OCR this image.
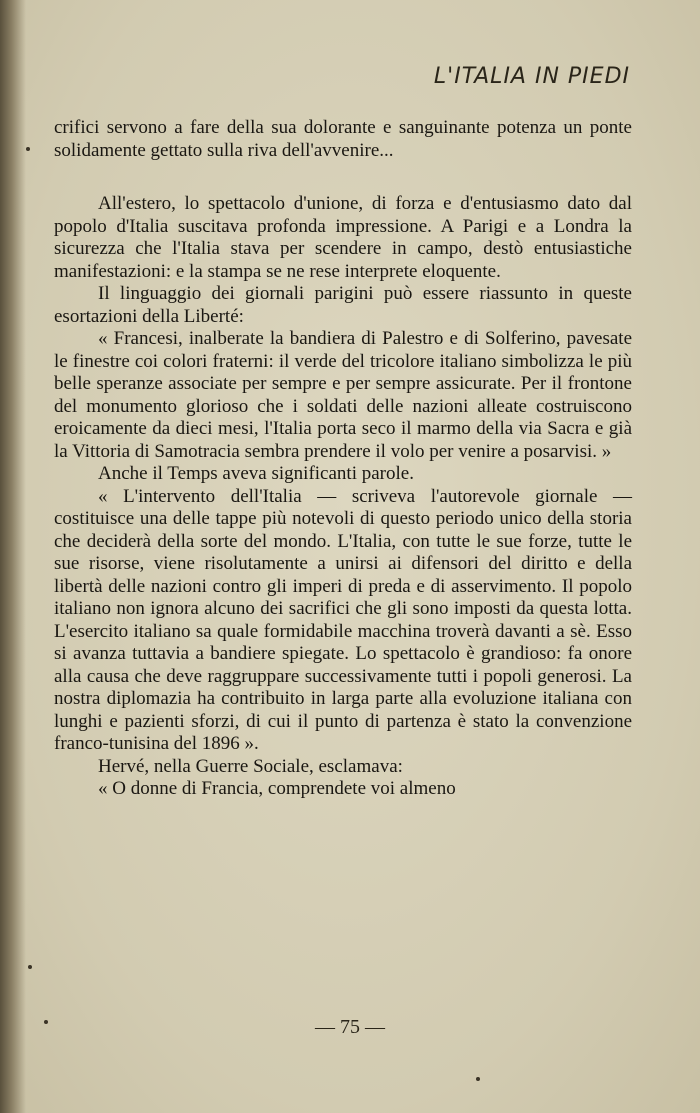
L'ITALIA IN PIEDI

crifici servono a fare della sua dolorante e sanguinante potenza un ponte solidamente gettato sulla riva dell'avvenire...

All'estero, lo spettacolo d'unione, di forza e d'entusiasmo dato dal popolo d'Italia suscitava profonda impressione. A Parigi e a Londra la sicurezza che l'Italia stava per scendere in campo, destò entusiastiche manifestazioni: e la stampa se ne rese interprete eloquente.

Il linguaggio dei giornali parigini può essere riassunto in queste esortazioni della Liberté:

« Francesi, inalberate la bandiera di Palestro e di Solferino, pavesate le finestre coi colori fraterni: il verde del tricolore italiano simbolizza le più belle speranze associate per sempre e per sempre assicurate. Per il frontone del monumento glorioso che i soldati delle nazioni alleate costruiscono eroicamente da dieci mesi, l'Italia porta seco il marmo della via Sacra e già la Vittoria di Samotracia sembra prendere il volo per venire a posarvisi. »

Anche il Temps aveva significanti parole.

« L'intervento dell'Italia — scriveva l'autorevole giornale — costituisce una delle tappe più notevoli di questo periodo unico della storia che deciderà della sorte del mondo. L'Italia, con tutte le sue forze, tutte le sue risorse, viene risolutamente a unirsi ai difensori del diritto e della libertà delle nazioni contro gli imperi di preda e di asservimento. Il popolo italiano non ignora alcuno dei sacrifici che gli sono imposti da questa lotta. L'esercito italiano sa quale formidabile macchina troverà davanti a sè. Esso si avanza tuttavia a bandiere spiegate. Lo spettacolo è grandioso: fa onore alla causa che deve raggruppare successivamente tutti i popoli generosi. La nostra diplomazia ha contribuito in larga parte alla evoluzione italiana con lunghi e pazienti sforzi, di cui il punto di partenza è stato la convenzione franco-tunisina del 1896 ».

Hervé, nella Guerre Sociale, esclamava:

« O donne di Francia, comprendete voi almeno

— 75 —
